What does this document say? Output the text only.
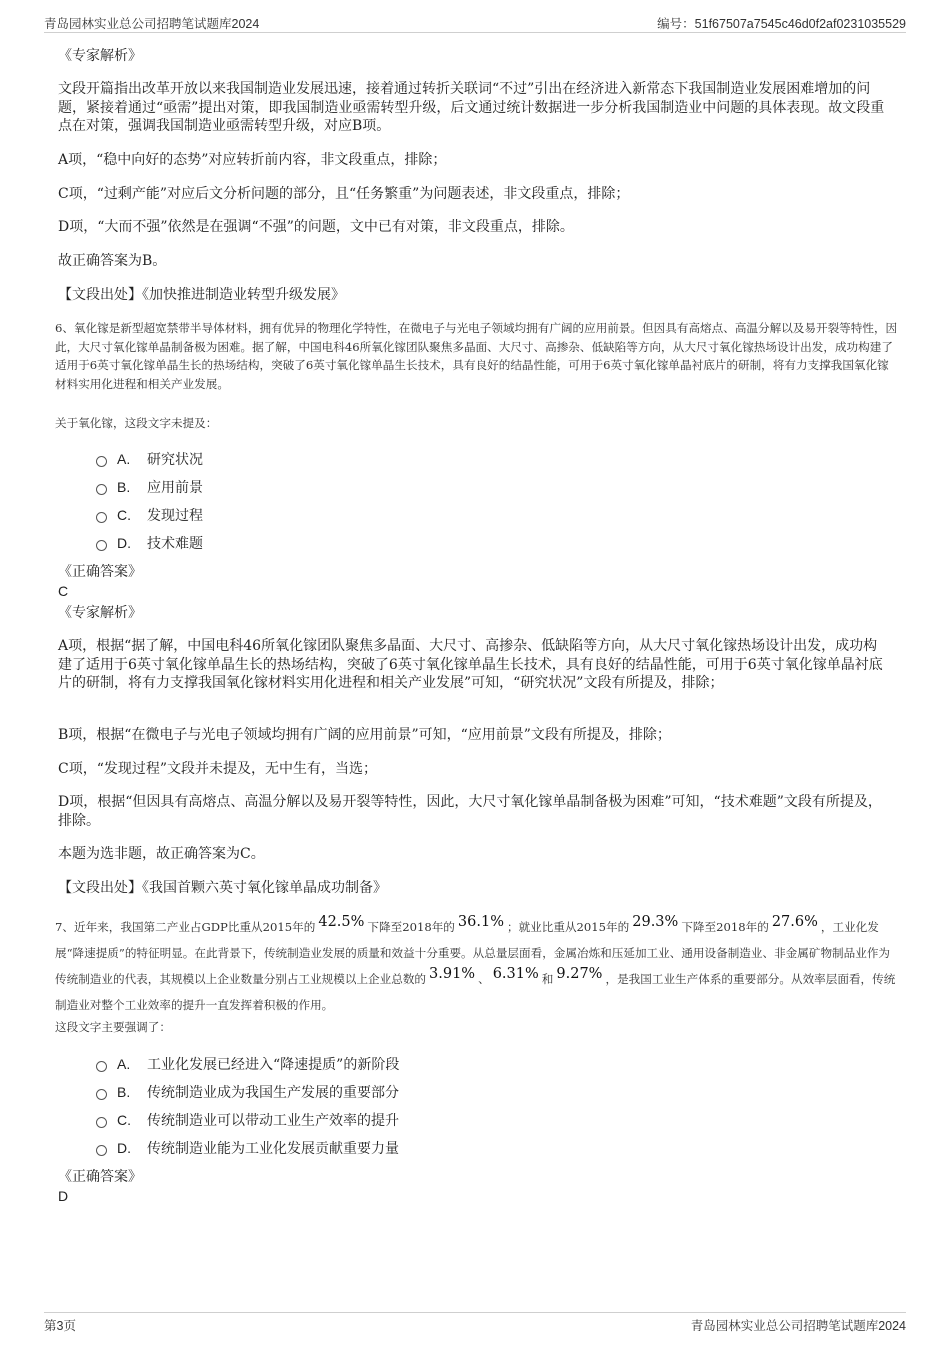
青岛园林实业总公司招聘笔试题库2024	编号：51f67507a7545c46d0f2af0231035529
《专家解析》
文段开篇指出改革开放以来我国制造业发展迅速，接着通过转折关联词“不过”引出在经济进入新常态下我国制造业发展困难增加的问题，紧接着通过“亟需”提出对策，即我国制造业亟需转型升级，后文通过统计数据进一步分析我国制造业中问题的具体表现。故文段重点在对策，强调我国制造业亟需转型升级，对应B项。
A项，“稳中向好的态势”对应转折前内容，非文段重点，排除；
C项，“过剩产能”对应后文分析问题的部分，且“任务繁重”为问题表述，非文段重点，排除；
D项，“大而不强”依然是在强调“不强”的问题，文中已有对策，非文段重点，排除。
故正确答案为B。
【文段出处】《加快推进制造业转型升级发展》
6、氧化镓是新型超宽禁带半导体材料，拥有优异的物理化学特性，在微电子与光电子领域均拥有广阔的应用前景。但因具有高熔点、高温分解以及易开裂等特性，因此，大尺寸氧化镓单晶制备极为困难。据了解，中国电科46所氧化镓团队聚焦多晶面、大尺寸、高掺杂、低缺陷等方向，从大尺寸氧化镓热场设计出发，成功构建了适用于6英寸氧化镓单晶生长的热场结构，突破了6英寸氧化镓单晶生长技术，具有良好的结晶性能，可用于6英寸氧化镓单晶衬底片的研制，将有力支撑我国氧化镓材料实用化进程和相关产业发展。
关于氧化镓，这段文字未提及：
A.	研究状况
B.	应用前景
C.	发现过程
D.	技术难题
《正确答案》
C
《专家解析》
A项，根据“据了解，中国电科46所氧化镓团队聚焦多晶面、大尺寸、高掺杂、低缺陷等方向，从大尺寸氧化镓热场设计出发，成功构建了适用于6英寸氧化镓单晶生长的热场结构，突破了6英寸氧化镓单晶生长技术，具有良好的结晶性能，可用于6英寸氧化镓单晶衬底片的研制，将有力支撑我国氧化镓材料实用化进程和相关产业发展”可知，“研究状况”文段有所提及，排除；
B项，根据“在微电子与光电子领域均拥有广阔的应用前景”可知，“应用前景”文段有所提及，排除；
C项，“发现过程”文段并未提及，无中生有，当选；
D项，根据“但因具有高熔点、高温分解以及易开裂等特性，因此，大尺寸氧化镓单晶制备极为困难”可知，“技术难题”文段有所提及，排除。
本题为选非题，故正确答案为C。
【文段出处】《我国首颗六英寸氧化镓单晶成功制备》
7、近年来，我国第二产业占GDP比重从2015年的 42.5% 下降至2018年的 36.1% ；就业比重从2015年的 29.3% 下降至2018年的 27.6% ，工业化发展“降速提质”的特征明显。在此背景下，传统制造业发展的质量和效益十分重要。从总量层面看，金属冶炼和压延加工业、通用设备制造业、非金属矿物制品业作为传统制造业的代表，其规模以上企业数量分别占工业规模以上企业总数的 3.91% 、 6.31% 和 9.27% ，是我国工业生产体系的重要部分。从效率层面看，传统制造业对整个工业效率的提升一直发挥着积极的作用。
这段文字主要强调了：
A.	工业化发展已经进入“降速提质”的新阶段
B.	传统制造业成为我国生产发展的重要部分
C.	传统制造业可以带动工业生产效率的提升
D.	传统制造业能为工业化发展贡献重要力量
《正确答案》
D
第3页	青岛园林实业总公司招聘笔试题库2024
